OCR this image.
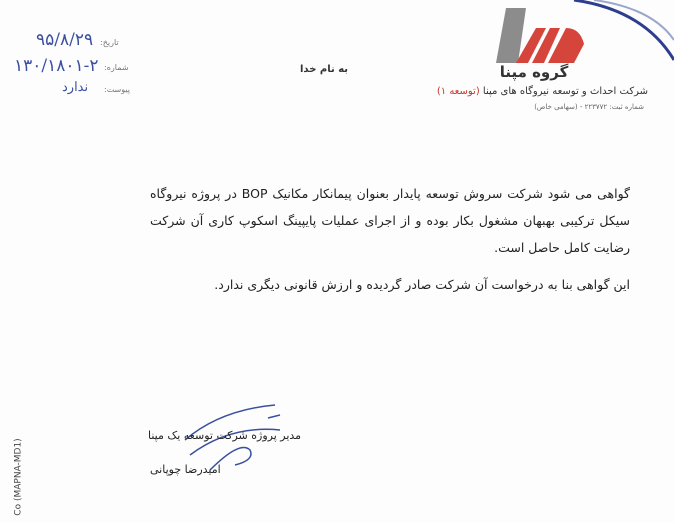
گروه مپنا
شرکت احداث و توسعه نیروگاه های مپنا (توسعه ۱)
شماره ثبت: ۲۲۳۷۷۲ - (سهامی خاص)
به نام خدا
تاریخ:
۹۵/۸/۲۹
شماره:
۱۳۰/۱۸۰۱-۲
پیوست:
ندارد

گواهی می شود شرکت سروش توسعه پایدار بعنوان پیمانکار مکانیک BOP در پروژه نیروگاه سیکل ترکیبی بهبهان مشغول بکار بوده و از اجرای عملیات پایپینگ اسکوپ کاری آن شرکت رضایت کامل حاصل است.

این گواهی بنا به درخواست آن شرکت صادر گردیده و ارزش قانونی دیگری ندارد.

مدیر پروژه شرکت توسعه یک مپنا
امیدرضا چوپانی
Co (MAPNA-MD1)
